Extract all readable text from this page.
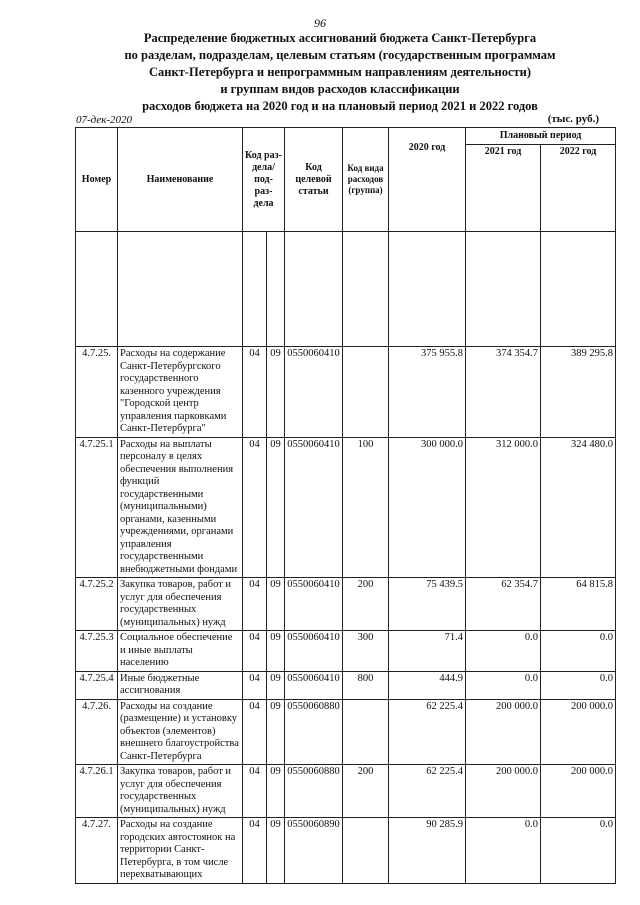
96
Распределение бюджетных ассигнований бюджета Санкт-Петербурга
по разделам, подразделам, целевым статьям (государственным программам
Санкт-Петербурга и непрограммным направлениям деятельности)
и группам видов расходов классификации
расходов бюджета на 2020 год и на плановый период 2021 и 2022 годов
07-дек-2020	(тыс. руб.)
Номер	Наименование	Код раз- дела/ под- раз- дела		Код целевой статьи	Код вида расходов (группа)	2020 год	Плановый период	
							2021 год	2022 год

4.7.25.	Расходы на содержание Санкт-Петербургского государственного казенного учреждения "Городской центр управления парковками Санкт-Петербурга"	04	09	0550060410		375 955.8	374 354.7	389 295.8
4.7.25.1	Расходы на выплаты персоналу в целях обеспечения выполнения функций государственными (муниципальными) органами, казенными учреждениями, органами управления государственными внебюджетными фондами	04	09	0550060410	100	300 000.0	312 000.0	324 480.0
4.7.25.2	Закупка товаров, работ и услуг для обеспечения государственных (муниципальных) нужд	04	09	0550060410	200	75 439.5	62 354.7	64 815.8
4.7.25.3	Социальное обеспечение и иные выплаты населению	04	09	0550060410	300	71.4	0.0	0.0
4.7.25.4	Иные бюджетные ассигнования	04	09	0550060410	800	444.9	0.0	0.0
4.7.26.	Расходы на создание (размещение) и установку объектов (элементов) внешнего благоустройства Санкт-Петербурга	04	09	0550060880		62 225.4	200 000.0	200 000.0
4.7.26.1	Закупка товаров, работ и услуг для обеспечения государственных (муниципальных) нужд	04	09	0550060880	200	62 225.4	200 000.0	200 000.0
4.7.27.	Расходы на создание городских автостоянок на территории Санкт-Петербурга, в том числе перехватывающих	04	09	0550060890		90 285.9	0.0	0.0
